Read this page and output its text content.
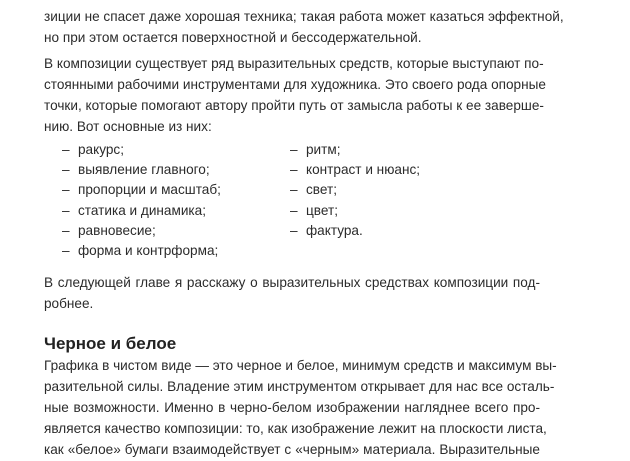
зиции не спасет даже хорошая техника; такая работа может казаться эффектной,
но при этом остается поверхностной и бессодержательной.
В композиции существует ряд выразительных средств, которые выступают по-
стоянными рабочими инструментами для художника. Это своего рода опорные
точки, которые помогают автору пройти путь от замысла работы к ее заверше-
нию. Вот основные из них:
– ракурс;
– выявление главного;
– пропорции и масштаб;
– статика и динамика;
– равновесие;
– форма и контрформа;
– ритм;
– контраст и нюанс;
– свет;
– цвет;
– фактура.
В следующей главе я расскажу о выразительных средствах композиции под-
робнее.
Черное и белое
Графика в чистом виде — это черное и белое, минимум средств и максимум вы-
разительной силы. Владение этим инструментом открывает для нас все осталь-
ные возможности. Именно в черно-белом изображении нагляднее всего про-
является качество композиции: то, как изображение лежит на плоскости листа,
как «белое» бумаги взаимодействует с «черным» материала. Выразительные
